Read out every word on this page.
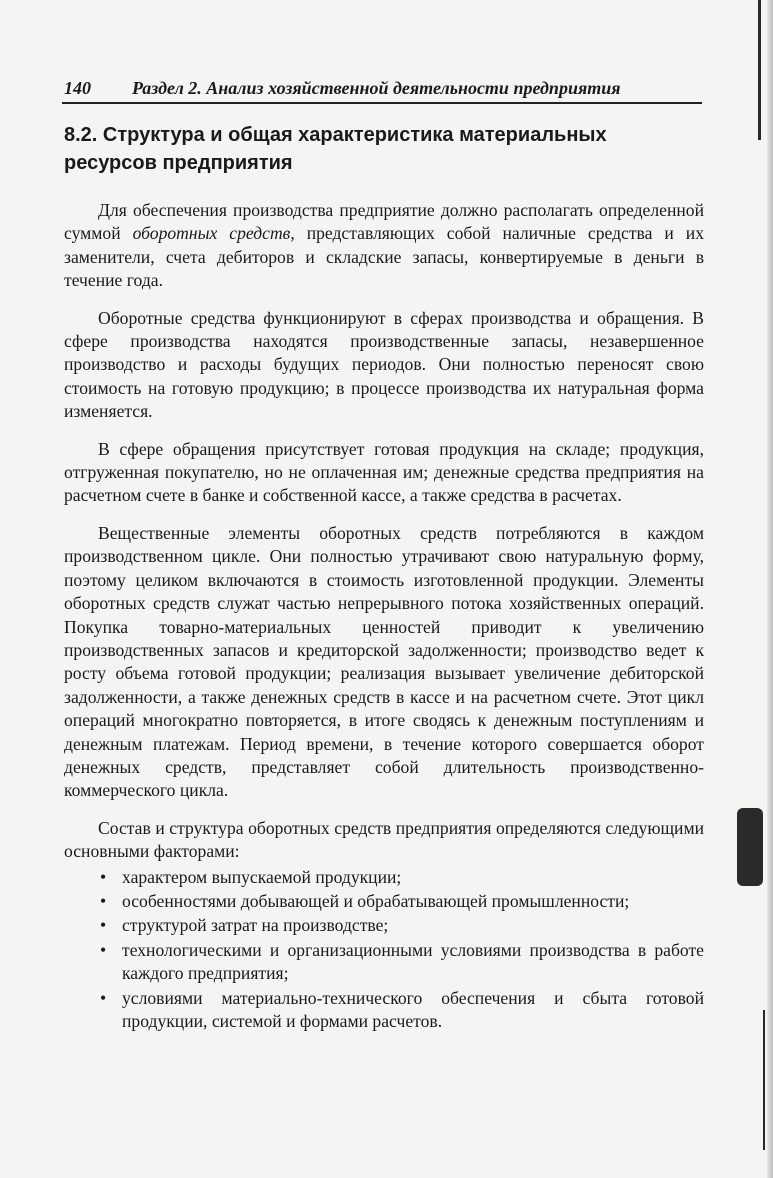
140 Раздел 2. Анализ хозяйственной деятельности предприятия
8.2. Структура и общая характеристика материальных ресурсов предприятия

Для обеспечения производства предприятие должно располагать определенной суммой оборотных средств, представляющих собой наличные средства и их заменители, счета дебиторов и складские запасы, конвертируемые в деньги в течение года.

Оборотные средства функционируют в сферах производства и обращения. В сфере производства находятся производственные запасы, незавершенное производство и расходы будущих периодов. Они полностью переносят свою стоимость на готовую продукцию; в процессе производства их натуральная форма изменяется.

В сфере обращения присутствует готовая продукция на складе; продукция, отгруженная покупателю, но не оплаченная им; денежные средства предприятия на расчетном счете в банке и собственной кассе, а также средства в расчетах.

Вещественные элементы оборотных средств потребляются в каждом производственном цикле. Они полностью утрачивают свою натуральную форму, поэтому целиком включаются в стоимость изготовленной продукции. Элементы оборотных средств служат частью непрерывного потока хозяйственных операций. Покупка товарно-материальных ценностей приводит к увеличению производственных запасов и кредиторской задолженности; производство ведет к росту объема готовой продукции; реализация вызывает увеличение дебиторской задолженности, а также денежных средств в кассе и на расчетном счете. Этот цикл операций многократно повторяется, в итоге сводясь к денежным поступлениям и денежным платежам. Период времени, в течение которого совершается оборот денежных средств, представляет собой длительность производственно-коммерческого цикла.

Состав и структура оборотных средств предприятия определяются следующими основными факторами:

• характером выпускаемой продукции;
• особенностями добывающей и обрабатывающей промышленности;
• структурой затрат на производстве;
• технологическими и организационными условиями производства в работе каждого предприятия;
• условиями материально-технического обеспечения и сбыта готовой продукции, системой и формами расчетов.
